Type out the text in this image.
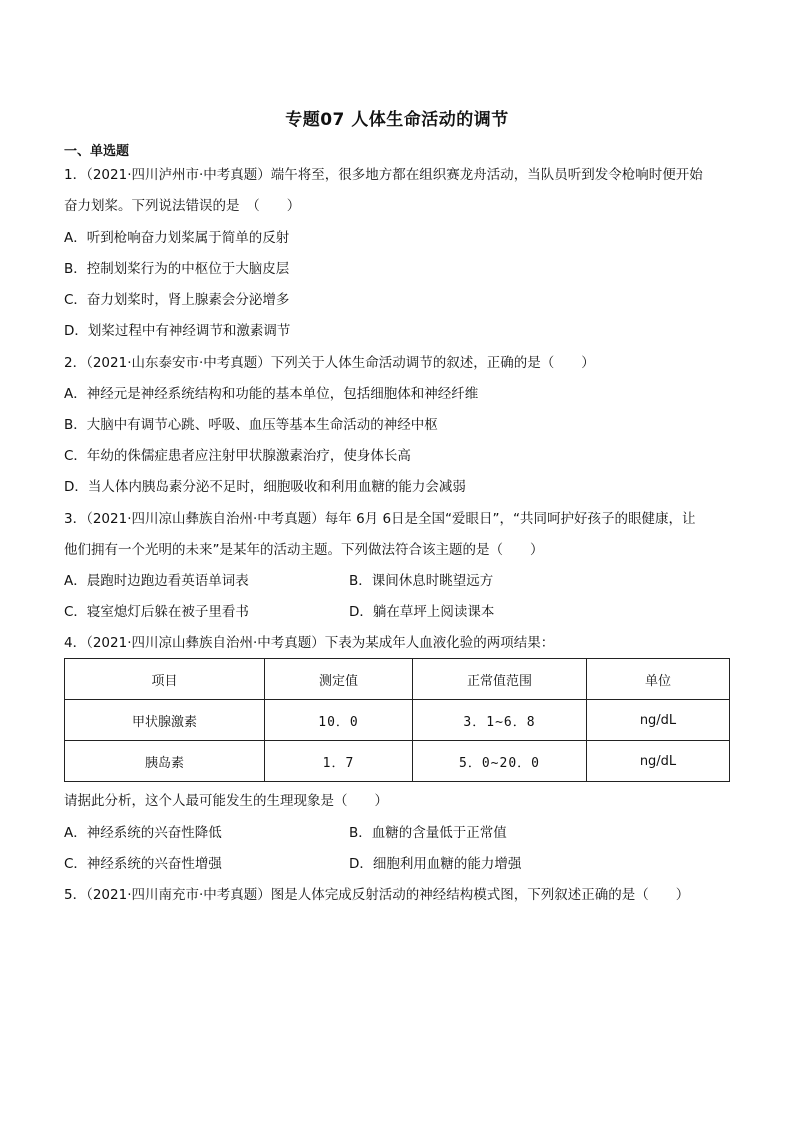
专题07 人体生命活动的调节
一、单选题
1．（2021·四川泸州市·中考真题）端午将至，很多地方都在组织赛龙舟活动，当队员听到发令枪响时便开始
奋力划桨。下列说法错误的是　（　　）
A．听到枪响奋力划桨属于简单的反射
B．控制划桨行为的中枢位于大脑皮层
C．奋力划桨时，肾上腺素会分泌增多
D．划桨过程中有神经调节和激素调节
2．（2021·山东泰安市·中考真题）下列关于人体生命活动调节的叙述，正确的是（　　）
A．神经元是神经系统结构和功能的基本单位，包括细胞体和神经纤维
B．大脑中有调节心跳、呼吸、血压等基本生命活动的神经中枢
C．年幼的侏儒症患者应注射甲状腺激素治疗，使身体长高
D．当人体内胰岛素分泌不足时，细胞吸收和利用血糖的能力会减弱
3．（2021·四川凉山彝族自治州·中考真题）每年 6月 6日是全国“爱眼日”，“共同呵护好孩子的眼健康，让
他们拥有一个光明的未来”是某年的活动主题。下列做法符合该主题的是（　　）
A．晨跑时边跑边看英语单词表	B．课间休息时眺望远方
C．寝室熄灯后躲在被子里看书	D．躺在草坪上阅读课本
4．（2021·四川凉山彝族自治州·中考真题）下表为某成年人血液化验的两项结果：
项目	测定值	正常值范围	单位
甲状腺激素	10．0	3．1~6．8	ng/dL
胰岛素	1．7	5．0~20．0	ng/dL
请据此分析，这个人最可能发生的生理现象是（　　）
A．神经系统的兴奋性降低	B．血糖的含量低于正常值
C．神经系统的兴奋性增强	D．细胞利用血糖的能力增强
5．（2021·四川南充市·中考真题）图是人体完成反射活动的神经结构模式图，下列叙述正确的是（　　）
